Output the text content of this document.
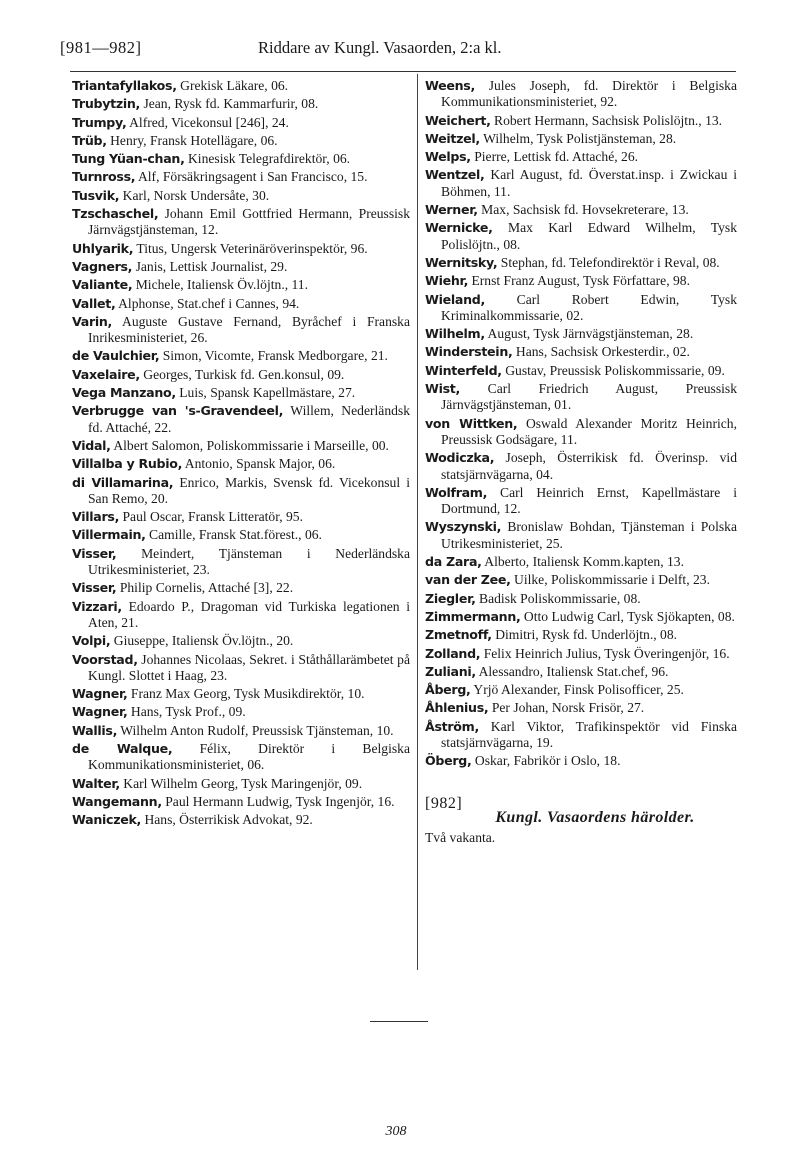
[981—982]	Riddare av Kungl. Vasaorden, 2:a kl.
Triantafyllakos, Grekisk Läkare, 06.
Trubytzin, Jean, Rysk fd. Kammarfurir, 08.
Trumpy, Alfred, Vicekonsul [246], 24.
Trüb, Henry, Fransk Hotellägare, 06.
Tung Yüan-chan, Kinesisk Telegrafdirektör, 06.
Turnross, Alf, Försäkringsagent i San Francisco, 15.
Tusvik, Karl, Norsk Undersåte, 30.
Tzschaschel, Johann Emil Gottfried Hermann, Preussisk Järnvägstjänsteman, 12.
Uhlyarik, Titus, Ungersk Veterinäröverinspektör, 96.
Vagners, Janis, Lettisk Journalist, 29.
Valiante, Michele, Italiensk Öv.löjtn., 11.
Vallet, Alphonse, Stat.chef i Cannes, 94.
Varin, Auguste Gustave Fernand, Byråchef i Franska Inrikesministeriet, 26.
de Vaulchier, Simon, Vicomte, Fransk Medborgare, 21.
Vaxelaire, Georges, Turkisk fd. Gen.konsul, 09.
Vega Manzano, Luis, Spansk Kapellmästare, 27.
Verbrugge van 's-Gravendeel, Willem, Nederländsk fd. Attaché, 22.
Vidal, Albert Salomon, Poliskommissarie i Marseille, 00.
Villalba y Rubio, Antonio, Spansk Major, 06.
di Villamarina, Enrico, Markis, Svensk fd. Vicekonsul i San Remo, 20.
Villars, Paul Oscar, Fransk Litteratör, 95.
Villermain, Camille, Fransk Stat.förest., 06.
Visser, Meindert, Tjänsteman i Nederländska Utrikesministeriet, 23.
Visser, Philip Cornelis, Attaché [3], 22.
Vizzari, Edoardo P., Dragoman vid Turkiska legationen i Aten, 21.
Volpi, Giuseppe, Italiensk Öv.löjtn., 20.
Voorstad, Johannes Nicolaas, Sekret. i Ståthållarämbetet på Kungl. Slottet i Haag, 23.
Wagner, Franz Max Georg, Tysk Musikdirektör, 10.
Wagner, Hans, Tysk Prof., 09.
Wallis, Wilhelm Anton Rudolf, Preussisk Tjänsteman, 10.
de Walque, Félix, Direktör i Belgiska Kommunikationsministeriet, 06.
Walter, Karl Wilhelm Georg, Tysk Maringenjör, 09.
Wangemann, Paul Hermann Ludwig, Tysk Ingenjör, 16.
Waniczek, Hans, Österrikisk Advokat, 92.
Weens, Jules Joseph, fd. Direktör i Belgiska Kommunikationsministeriet, 92.
Weichert, Robert Hermann, Sachsisk Polislöjtn., 13.
Weitzel, Wilhelm, Tysk Polistjänsteman, 28.
Welps, Pierre, Lettisk fd. Attaché, 26.
Wentzel, Karl August, fd. Överstat.insp. i Zwickau i Böhmen, 11.
Werner, Max, Sachsisk fd. Hovsekreterare, 13.
Wernicke, Max Karl Edward Wilhelm, Tysk Polislöjtn., 08.
Wernitsky, Stephan, fd. Telefondirektör i Reval, 08.
Wiehr, Ernst Franz August, Tysk Författare, 98.
Wieland, Carl Robert Edwin, Tysk Kriminalkommissarie, 02.
Wilhelm, August, Tysk Järnvägstjänsteman, 28.
Winderstein, Hans, Sachsisk Orkesterdir., 02.
Winterfeld, Gustav, Preussisk Poliskommissarie, 09.
Wist, Carl Friedrich August, Preussisk Järnvägstjänsteman, 01.
von Wittken, Oswald Alexander Moritz Heinrich, Preussisk Godsägare, 11.
Wodiczka, Joseph, Österrikisk fd. Överinsp. vid statsjärnvägarna, 04.
Wolfram, Carl Heinrich Ernst, Kapellmästare i Dortmund, 12.
Wyszynski, Bronislaw Bohdan, Tjänsteman i Polska Utrikesministeriet, 25.
da Zara, Alberto, Italiensk Komm.kapten, 13.
van der Zee, Uilke, Poliskommissarie i Delft, 23.
Ziegler, Badisk Poliskommissarie, 08.
Zimmermann, Otto Ludwig Carl, Tysk Sjökapten, 08.
Zmetnoff, Dimitri, Rysk fd. Underlöjtn., 08.
Zolland, Felix Heinrich Julius, Tysk Överingenjör, 16.
Zuliani, Alessandro, Italiensk Stat.chef, 96.
Åberg, Yrjö Alexander, Finsk Polisofficer, 25.
Åhlenius, Per Johan, Norsk Frisör, 27.
Åström, Karl Viktor, Trafikinspektör vid Finska statsjärnvägarna, 19.
Öberg, Oskar, Fabrikör i Oslo, 18.
[982]
Kungl. Vasaordens härolder.
Två vakanta.
308
